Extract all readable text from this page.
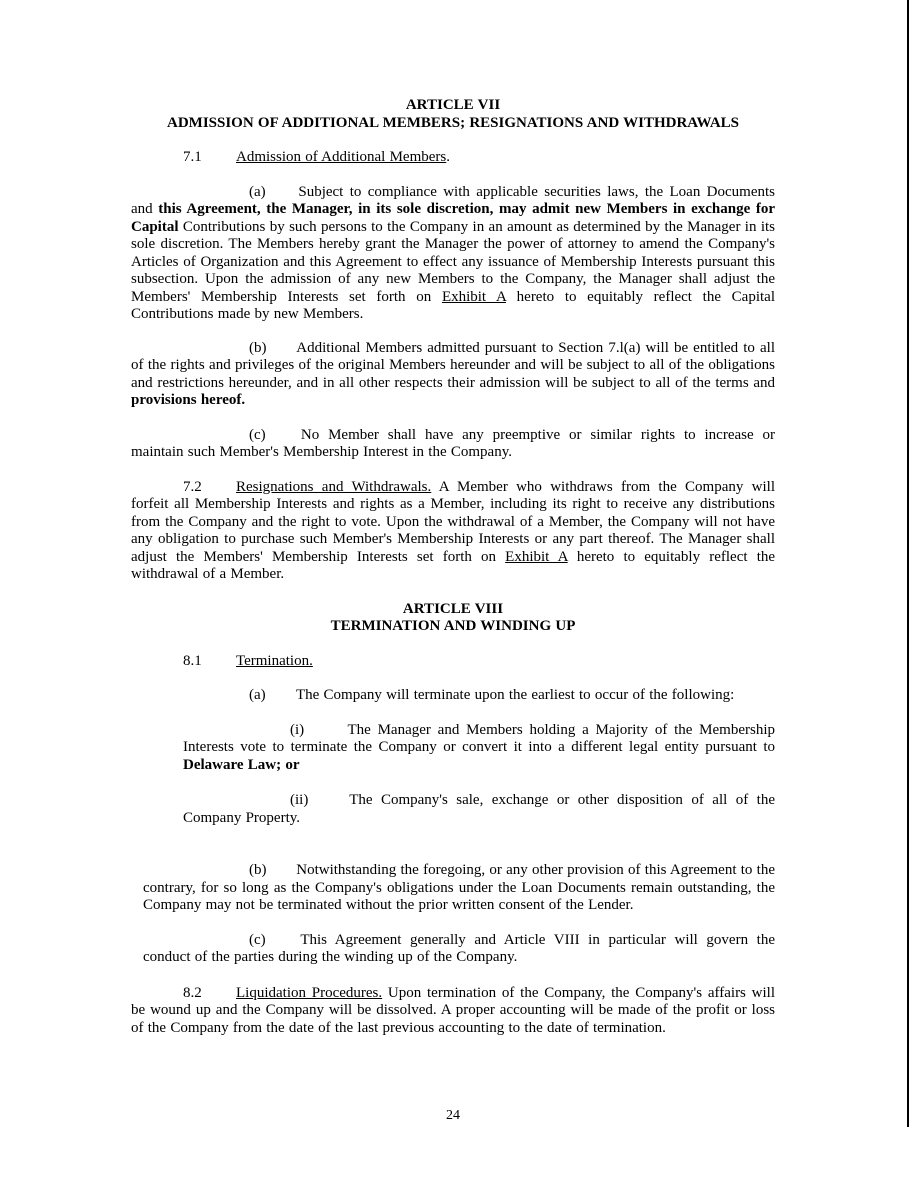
ARTICLE VII
ADMISSION OF ADDITIONAL MEMBERS; RESIGNATIONS AND WITHDRAWALS

7.1 Admission of Additional Members.

(a) Subject to compliance with applicable securities laws, the Loan Documents and this Agreement, the Manager, in its sole discretion, may admit new Members in exchange for Capital Contributions by such persons to the Company in an amount as determined by the Manager in its sole discretion. The Members hereby grant the Manager the power of attorney to amend the Company's Articles of Organization and this Agreement to effect any issuance of Membership Interests pursuant this subsection. Upon the admission of any new Members to the Company, the Manager shall adjust the Members' Membership Interests set forth on Exhibit A hereto to equitably reflect the Capital Contributions made by new Members.

(b) Additional Members admitted pursuant to Section 7.l(a) will be entitled to all of the rights and privileges of the original Members hereunder and will be subject to all of the obligations and restrictions hereunder, and in all other respects their admission will be subject to all of the terms and provisions hereof.

(c) No Member shall have any preemptive or similar rights to increase or maintain such Member's Membership Interest in the Company.

7.2 Resignations and Withdrawals. A Member who withdraws from the Company will forfeit all Membership Interests and rights as a Member, including its right to receive any distributions from the Company and the right to vote. Upon the withdrawal of a Member, the Company will not have any obligation to purchase such Member's Membership Interests or any part thereof. The Manager shall adjust the Members' Membership Interests set forth on Exhibit A hereto to equitably reflect the withdrawal of a Member.

ARTICLE VIII
TERMINATION AND WINDING UP

8.1 Termination.

(a) The Company will terminate upon the earliest to occur of the following:

(i)	The Manager and Members holding a Majority of the Membership Interests vote to terminate the Company or convert it into a different legal entity pursuant to Delaware Law; or

(ii)	The Company's sale, exchange or other disposition of all of the Company Property.

(b) Notwithstanding the foregoing, or any other provision of this Agreement to the contrary, for so long as the Company's obligations under the Loan Documents remain outstanding, the Company may not be terminated without the prior written consent of the Lender.

(c) This Agreement generally and Article VIII in particular will govern the conduct of the parties during the winding up of the Company.

8.2 Liquidation Procedures. Upon termination of the Company, the Company's affairs will be wound up and the Company will be dissolved. A proper accounting will be made of the profit or loss of the Company from the date of the last previous accounting to the date of termination.

24
